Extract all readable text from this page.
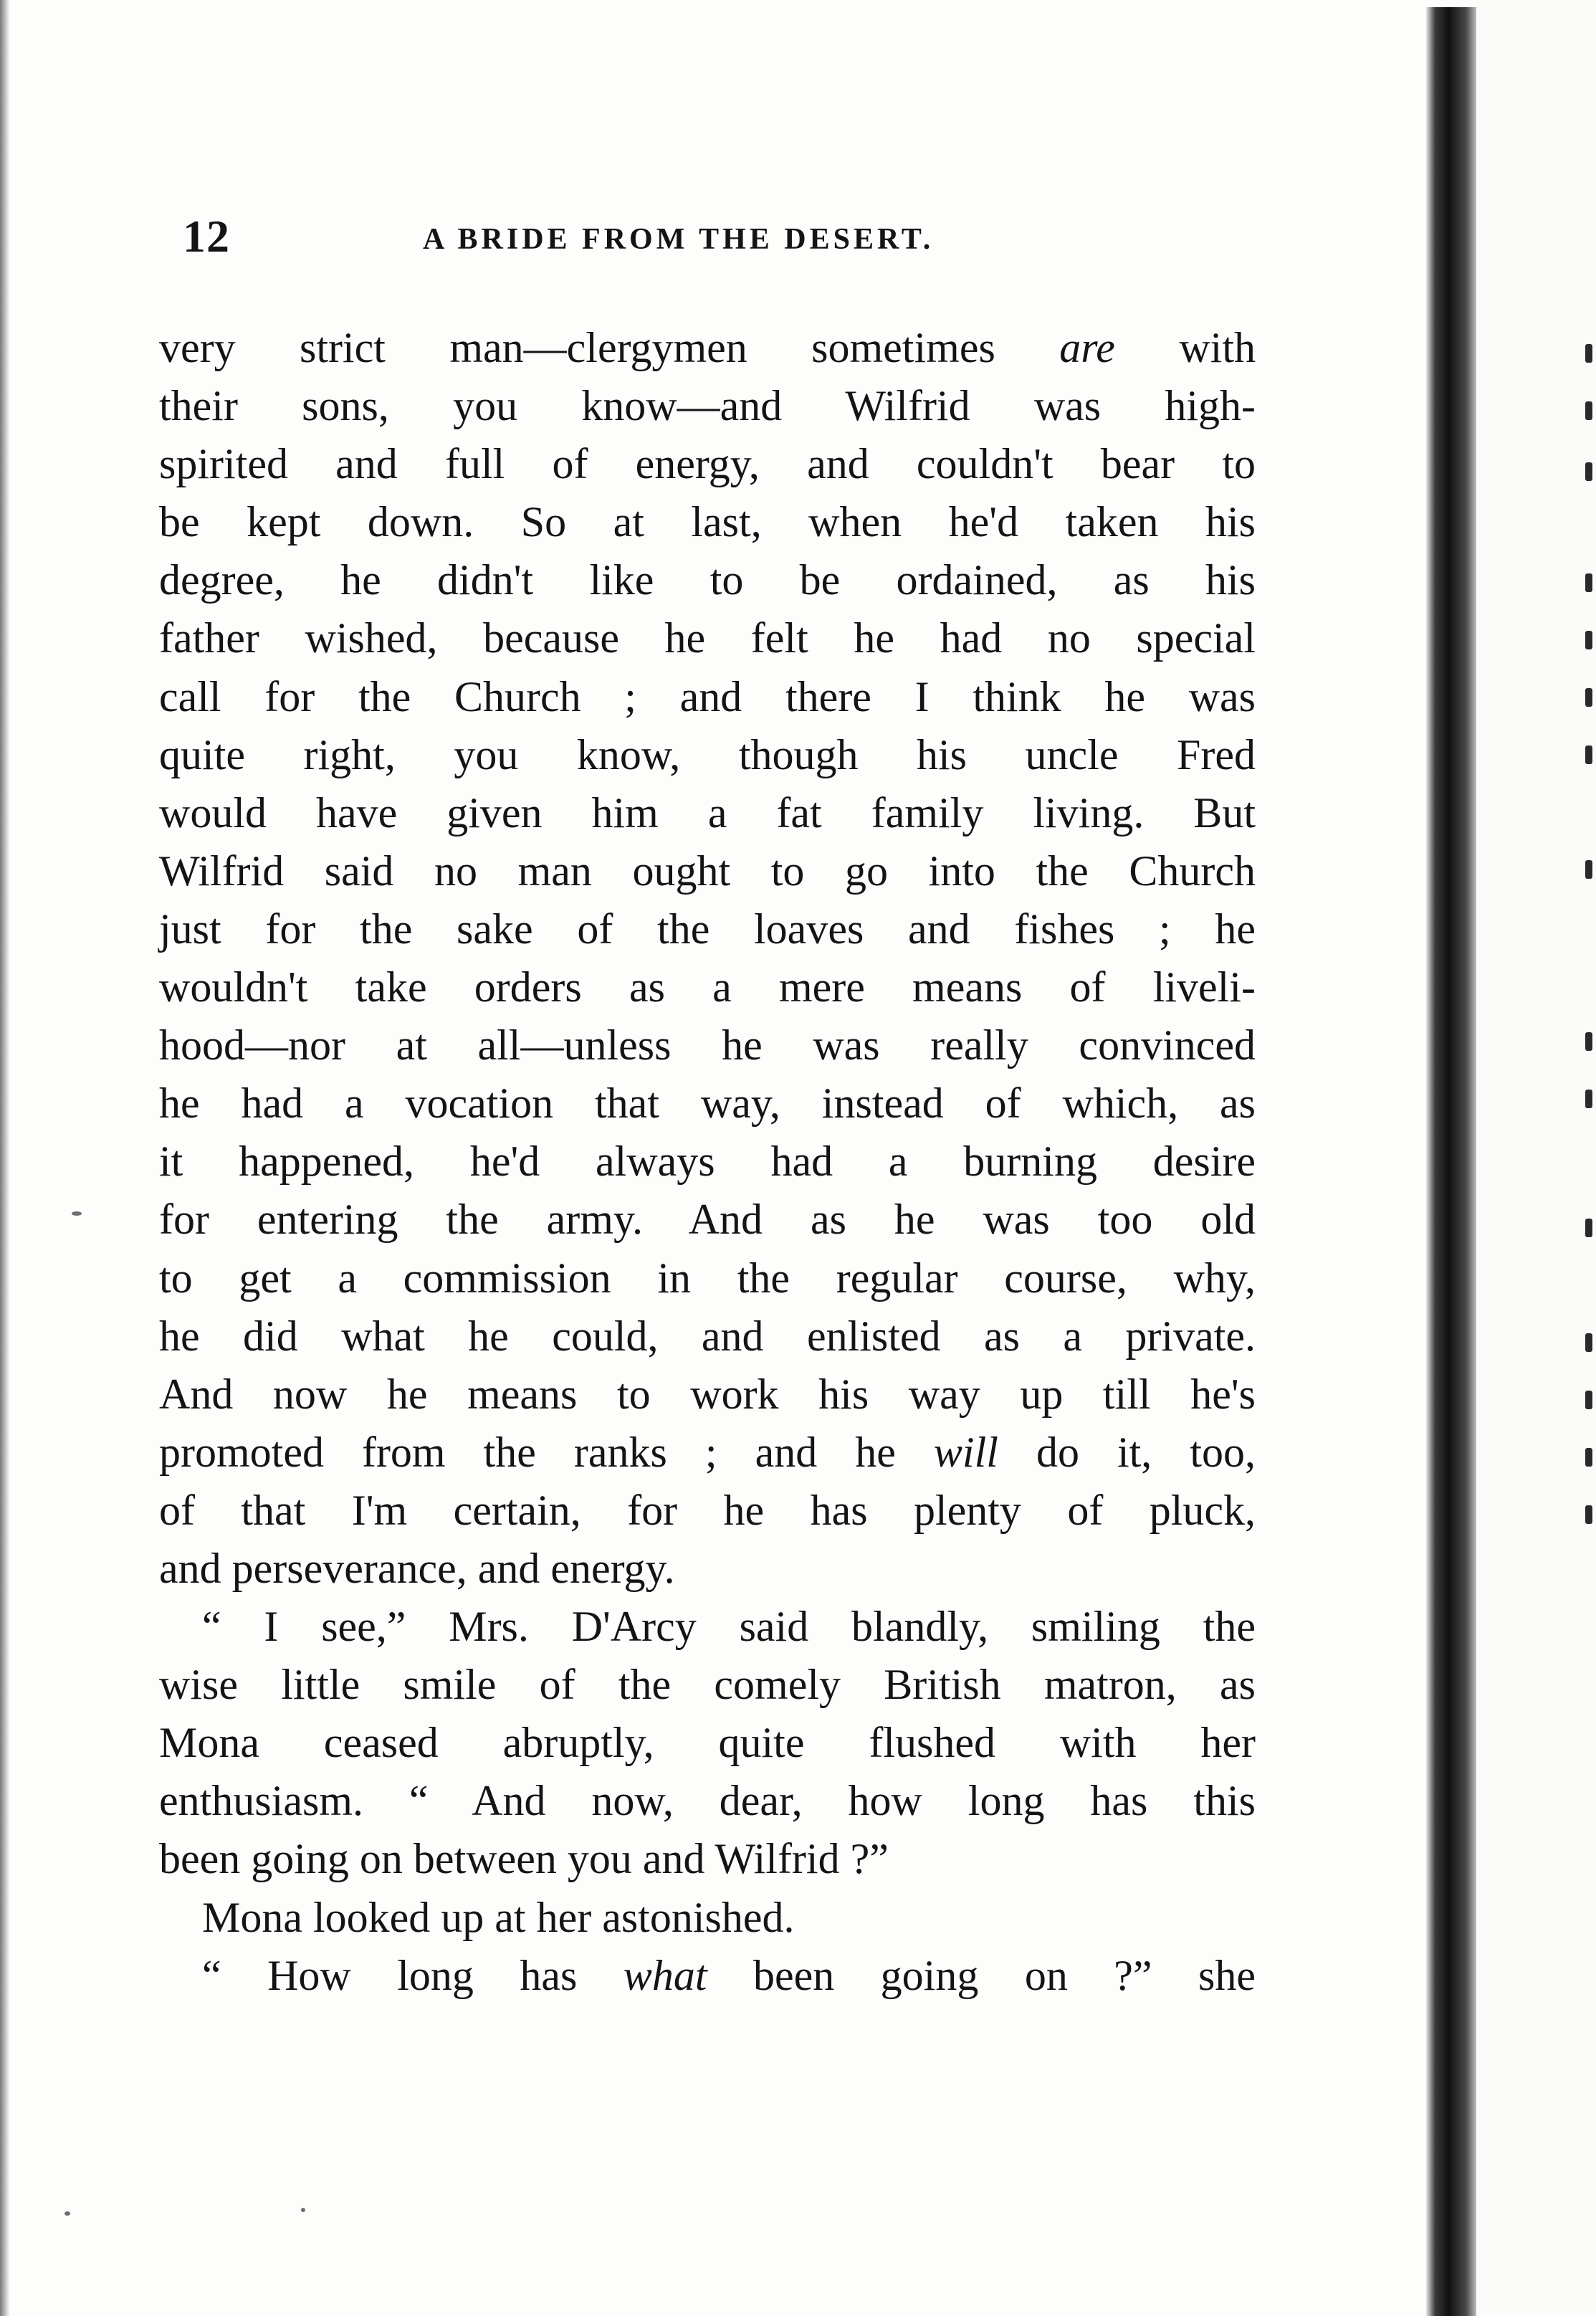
12	A BRIDE FROM THE DESERT.
very strict man—clergymen sometimes are with
their sons, you know—and Wilfrid was high-
spirited and full of energy, and couldn't bear to
be kept down. So at last, when he'd taken his
degree, he didn't like to be ordained, as his
father wished, because he felt he had no special
call for the Church ; and there I think he was
quite right, you know, though his uncle Fred
would have given him a fat family living. But
Wilfrid said no man ought to go into the Church
just for the sake of the loaves and fishes ; he
wouldn't take orders as a mere means of liveli-
hood—nor at all—unless he was really convinced
he had a vocation that way, instead of which, as
it happened, he'd always had a burning desire
for entering the army. And as he was too old
to get a commission in the regular course, why,
he did what he could, and enlisted as a private.
And now he means to work his way up till he's
promoted from the ranks ; and he will do it, too,
of that I'm certain, for he has plenty of pluck,
and perseverance, and energy.
“ I see,” Mrs. D'Arcy said blandly, smiling the
wise little smile of the comely British matron, as
Mona ceased abruptly, quite flushed with her
enthusiasm. “ And now, dear, how long has this
been going on between you and Wilfrid ?”
Mona looked up at her astonished.
“ How long has what been going on ?” she
